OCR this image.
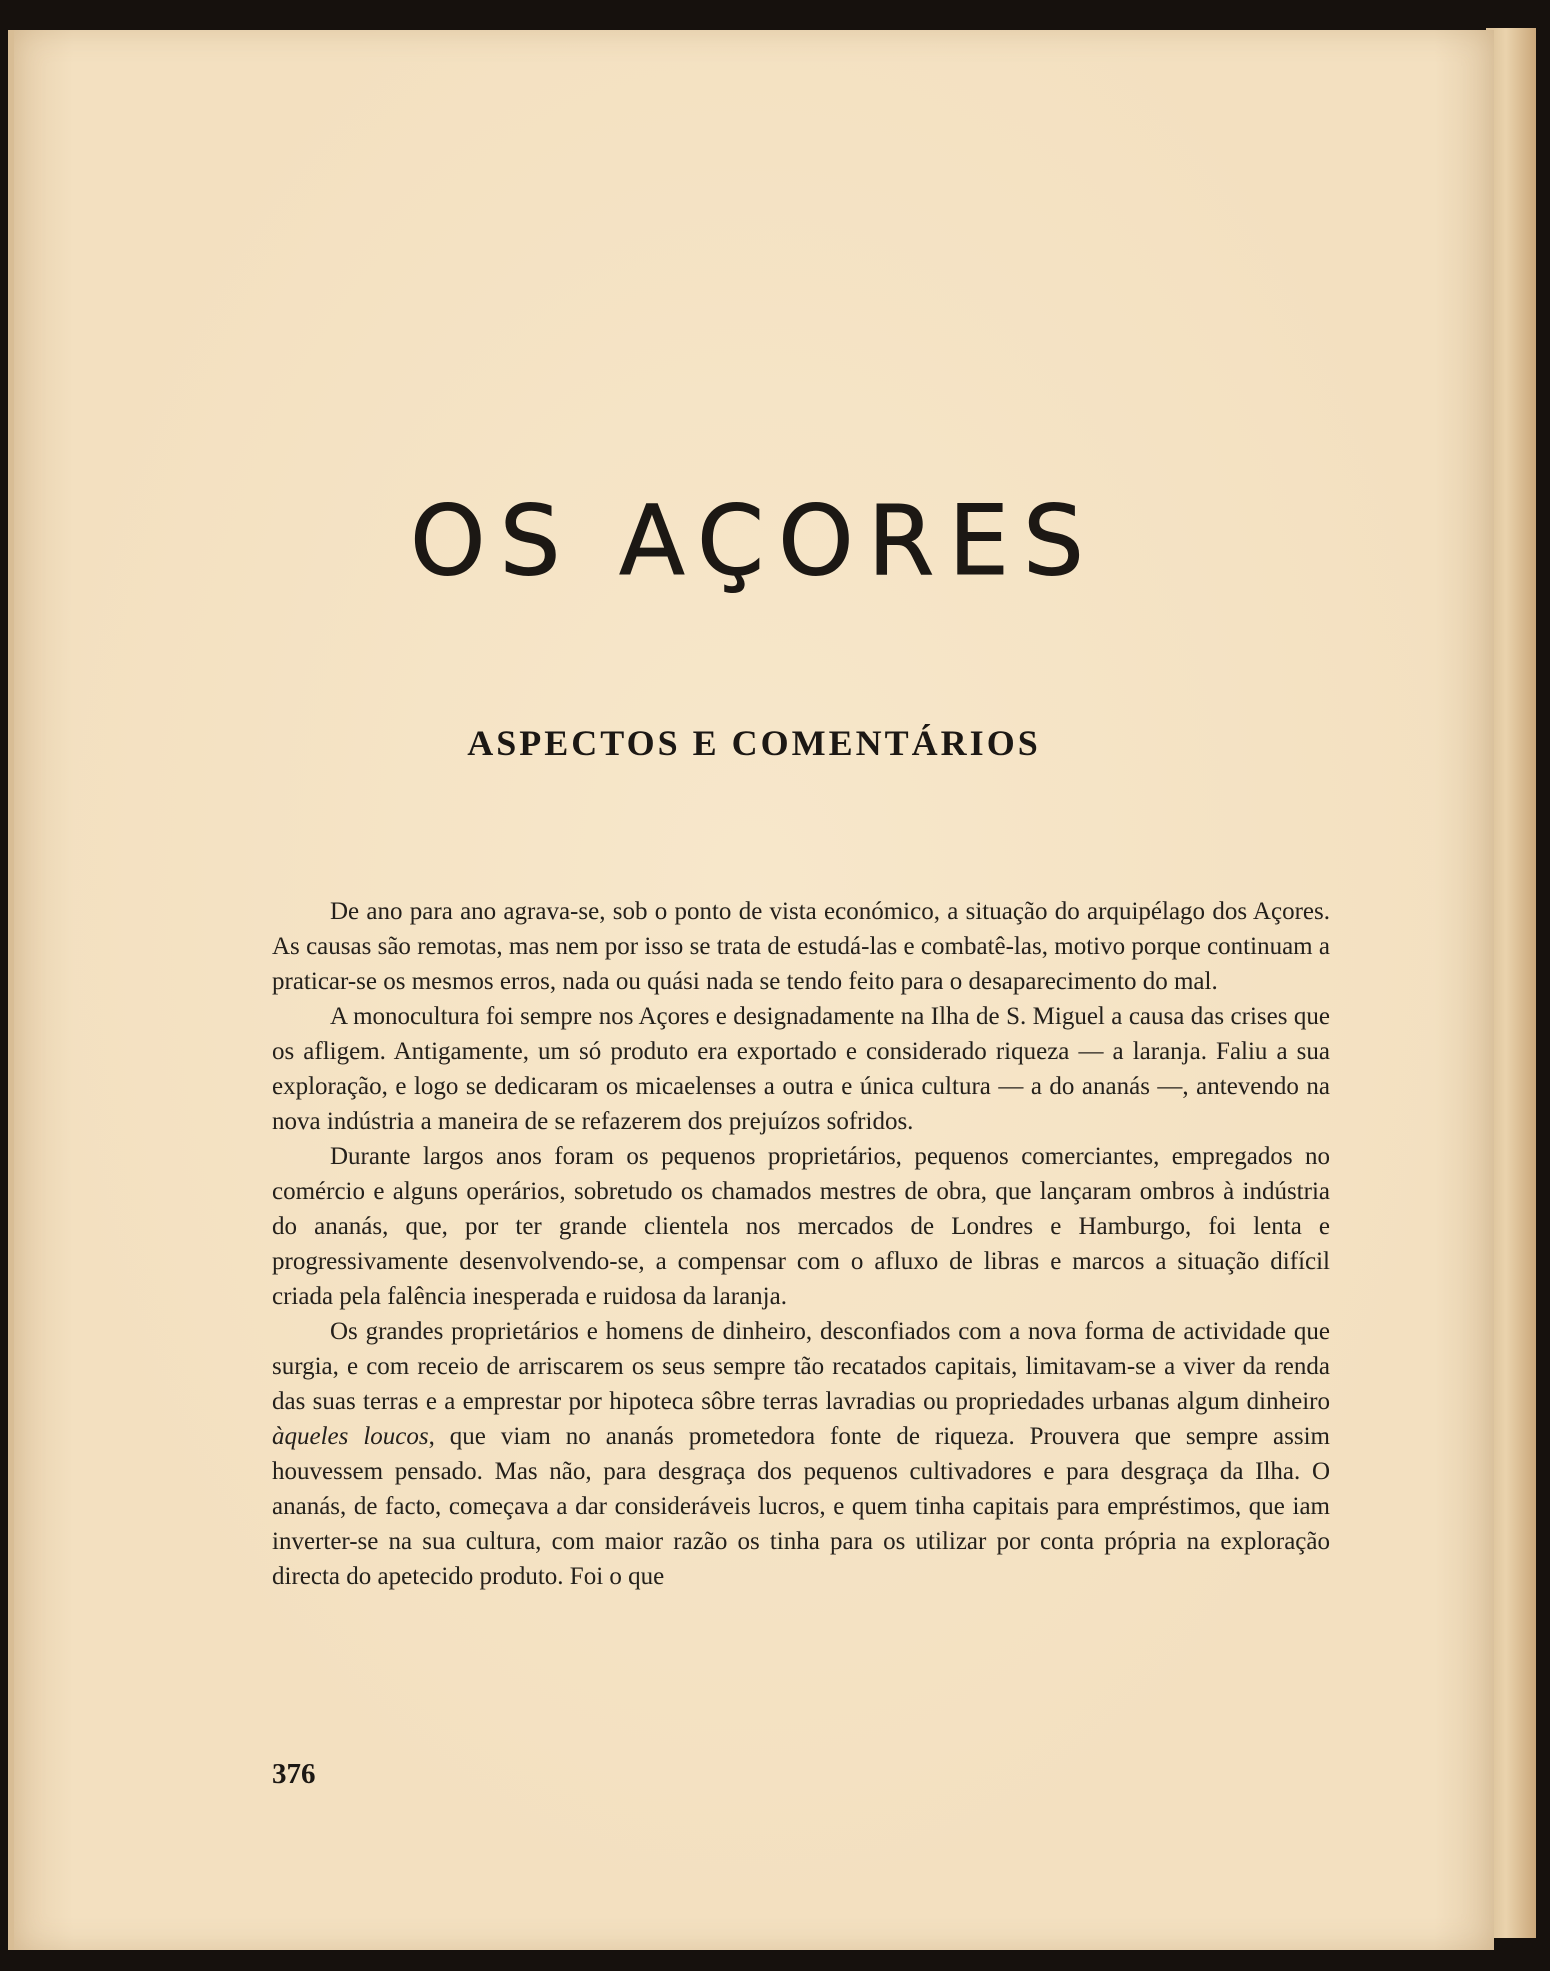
OS AÇORES
ASPECTOS E COMENTÁRIOS

De ano para ano agrava-se, sob o ponto de vista económico, a situação do arquipélago dos Açores. As causas são remotas, mas nem por isso se trata de estudá-las e combatê-las, motivo porque continuam a praticar-se os mesmos erros, nada ou quási nada se tendo feito para o desaparecimento do mal.

A monocultura foi sempre nos Açores e designadamente na Ilha de S. Miguel a causa das crises que os afligem. Antigamente, um só produto era exportado e considerado riqueza — a laranja. Faliu a sua exploração, e logo se dedicaram os micaelenses a outra e única cultura — a do ananás —, antevendo na nova indústria a maneira de se refazerem dos prejuízos sofridos.

Durante largos anos foram os pequenos proprietários, pequenos comerciantes, empregados no comércio e alguns operários, sobretudo os chamados mestres de obra, que lançaram ombros à indústria do ananás, que, por ter grande clientela nos mercados de Londres e Hamburgo, foi lenta e progressivamente desenvolvendo-se, a compensar com o afluxo de libras e marcos a situação difícil criada pela falência inesperada e ruidosa da laranja.

Os grandes proprietários e homens de dinheiro, desconfiados com a nova forma de actividade que surgia, e com receio de arriscarem os seus sempre tão recatados capitais, limitavam-se a viver da renda das suas terras e a emprestar por hipoteca sôbre terras lavradias ou propriedades urbanas algum dinheiro àqueles loucos, que viam no ananás prometedora fonte de riqueza. Prouvera que sempre assim houvessem pensado. Mas não, para desgraça dos pequenos cultivadores e para desgraça da Ilha. O ananás, de facto, começava a dar consideráveis lucros, e quem tinha capitais para empréstimos, que iam inverter-se na sua cultura, com maior razão os tinha para os utilizar por conta própria na exploração directa do apetecido produto. Foi o que

376
